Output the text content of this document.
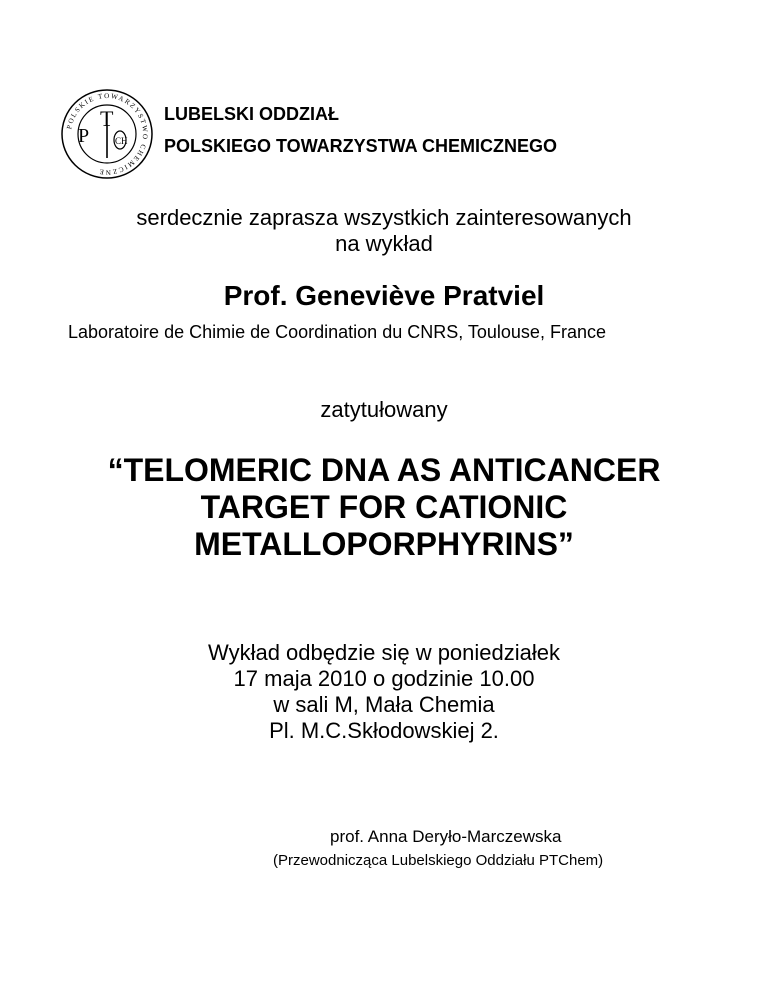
POLSKIE TOWARZYSTWO CHEMICZNE
P
T
CH
LUBELSKI ODDZIAŁ
POLSKIEGO TOWARZYSTWA CHEMICZNEGO
serdecznie zaprasza wszystkich zainteresowanych
na wykład
Prof. Geneviève Pratviel
Laboratoire de Chimie de Coordination du CNRS, Toulouse, France
zatytułowany
“TELOMERIC DNA AS ANTICANCER
TARGET FOR CATIONIC
METALLOPORPHYRINS”
Wykład odbędzie się w poniedziałek
17 maja 2010 o godzinie 10.00
w sali M, Mała Chemia
Pl. M.C.Skłodowskiej 2.
prof. Anna Deryło-Marczewska
(Przewodnicząca Lubelskiego Oddziału PTChem)
